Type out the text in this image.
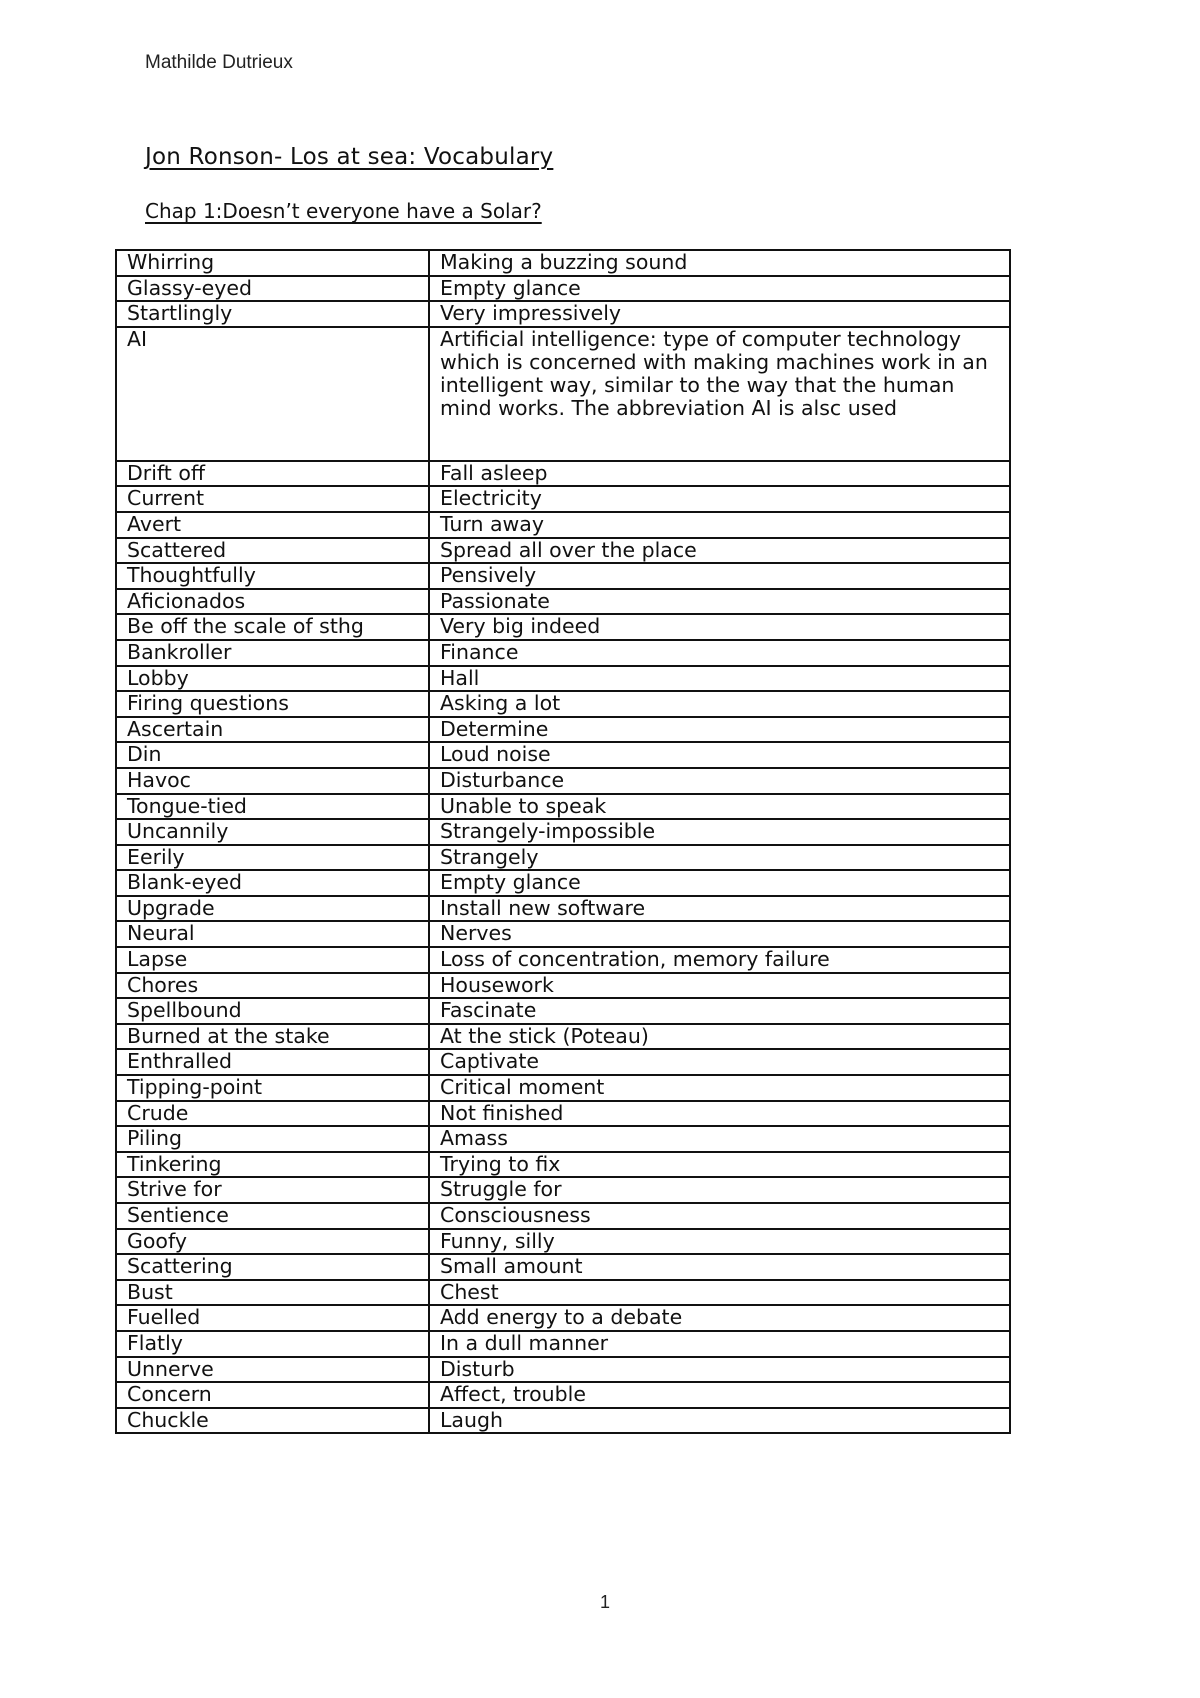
Mathilde Dutrieux
Jon Ronson- Los at sea: Vocabulary
Chap 1:Doesn’t everyone have a Solar?
Whirring	Making a buzzing sound
Glassy-eyed	Empty glance
Startlingly	Very impressively
AI	Artificial intelligence: type of computer technology which is concerned with making machines work in an intelligent way, similar to the way that the human mind works. The abbreviation AI is alsc used
Drift off	Fall asleep
Current	Electricity
Avert	Turn away
Scattered	Spread all over the place
Thoughtfully	Pensively
Aficionados	Passionate
Be off the scale of sthg	Very big indeed
Bankroller	Finance
Lobby	Hall
Firing questions	Asking a lot
Ascertain	Determine
Din	Loud noise
Havoc	Disturbance
Tongue-tied	Unable to speak
Uncannily	Strangely-impossible
Eerily	Strangely
Blank-eyed	Empty glance
Upgrade	Install new software
Neural	Nerves
Lapse	Loss of concentration, memory failure
Chores	Housework
Spellbound	Fascinate
Burned at the stake	At the stick (Poteau)
Enthralled	Captivate
Tipping-point	Critical moment
Crude	Not finished
Piling	Amass
Tinkering	Trying to fix
Strive for	Struggle for
Sentience	Consciousness
Goofy	Funny, silly
Scattering	Small amount
Bust	Chest
Fuelled	Add energy to a debate
Flatly	In a dull manner
Unnerve	Disturb
Concern	Affect, trouble
Chuckle	Laugh
1
